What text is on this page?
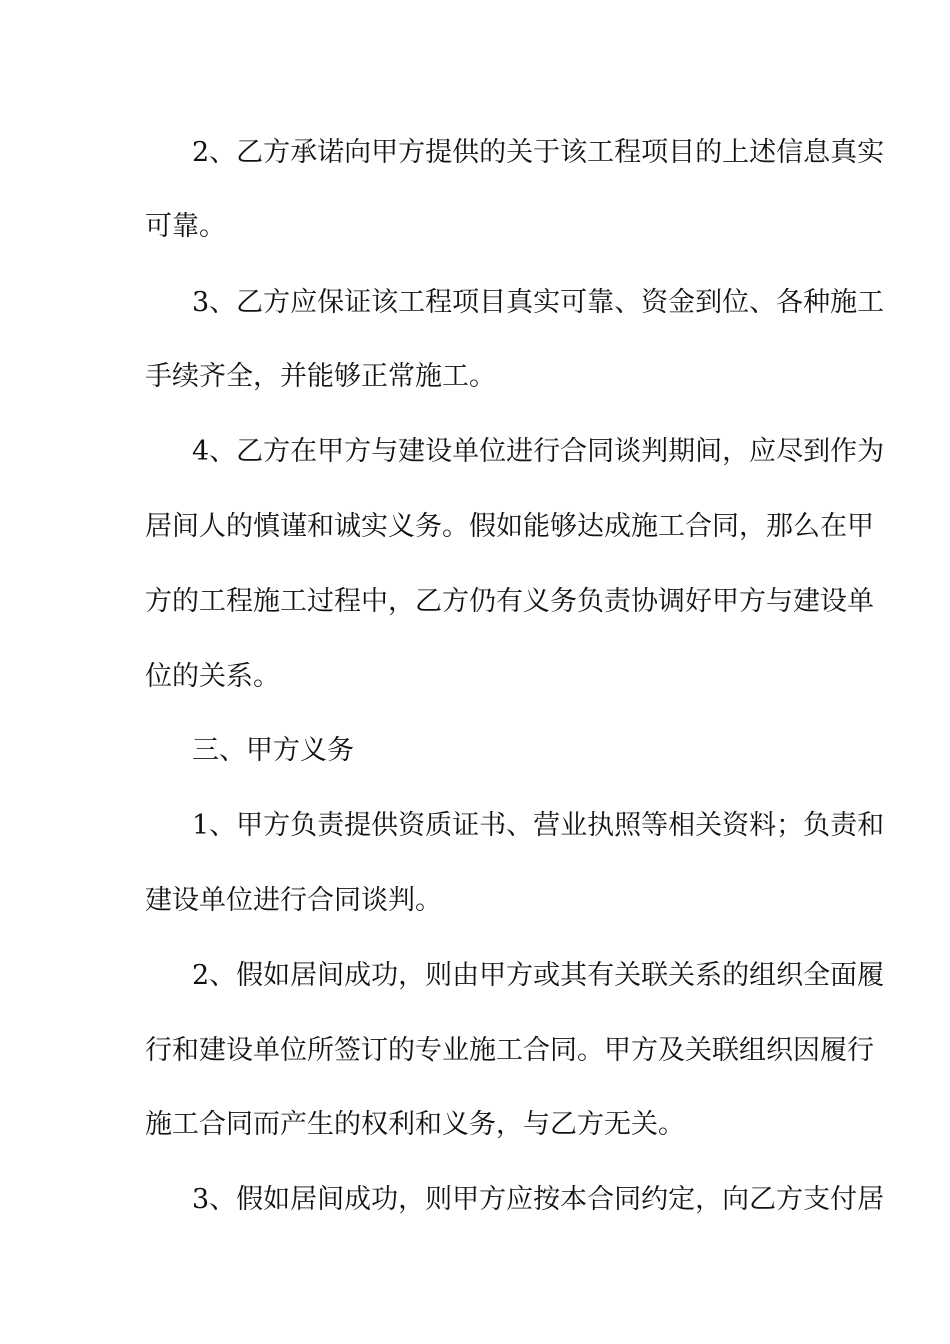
2、乙方承诺向甲方提供的关于该工程项目的上述信息真实
可靠。
3、乙方应保证该工程项目真实可靠、资金到位、各种施工
手续齐全，并能够正常施工。
4、乙方在甲方与建设单位进行合同谈判期间，应尽到作为
居间人的慎谨和诚实义务。假如能够达成施工合同，那么在甲
方的工程施工过程中，乙方仍有义务负责协调好甲方与建设单
位的关系。
三、甲方义务
1、甲方负责提供资质证书、营业执照等相关资料；负责和
建设单位进行合同谈判。
2、假如居间成功，则由甲方或其有关联关系的组织全面履
行和建设单位所签订的专业施工合同。甲方及关联组织因履行
施工合同而产生的权利和义务，与乙方无关。
3、假如居间成功，则甲方应按本合同约定，向乙方支付居
